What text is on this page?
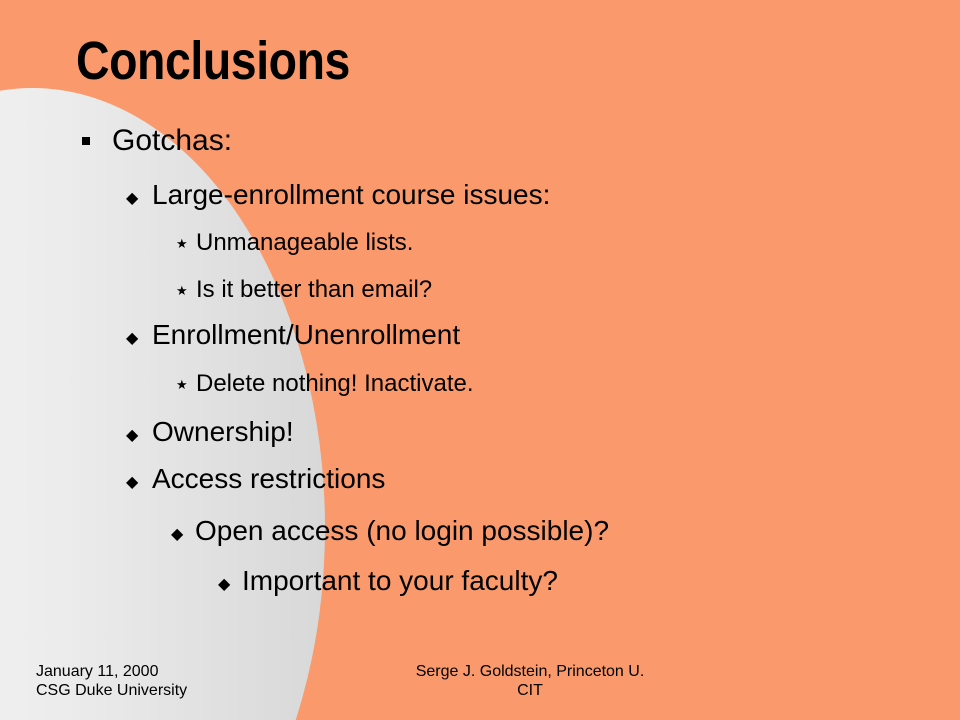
Conclusions
Gotchas:
◆ Large-enrollment course issues:
★ Unmanageable lists.
★ Is it better than email?
◆ Enrollment/Unenrollment
★ Delete nothing! Inactivate.
◆ Ownership!
◆ Access restrictions
◆ Open access (no login possible)?
◆ Important to your faculty?
January 11, 2000
CSG Duke University
Serge J. Goldstein, Princeton U.
CIT
